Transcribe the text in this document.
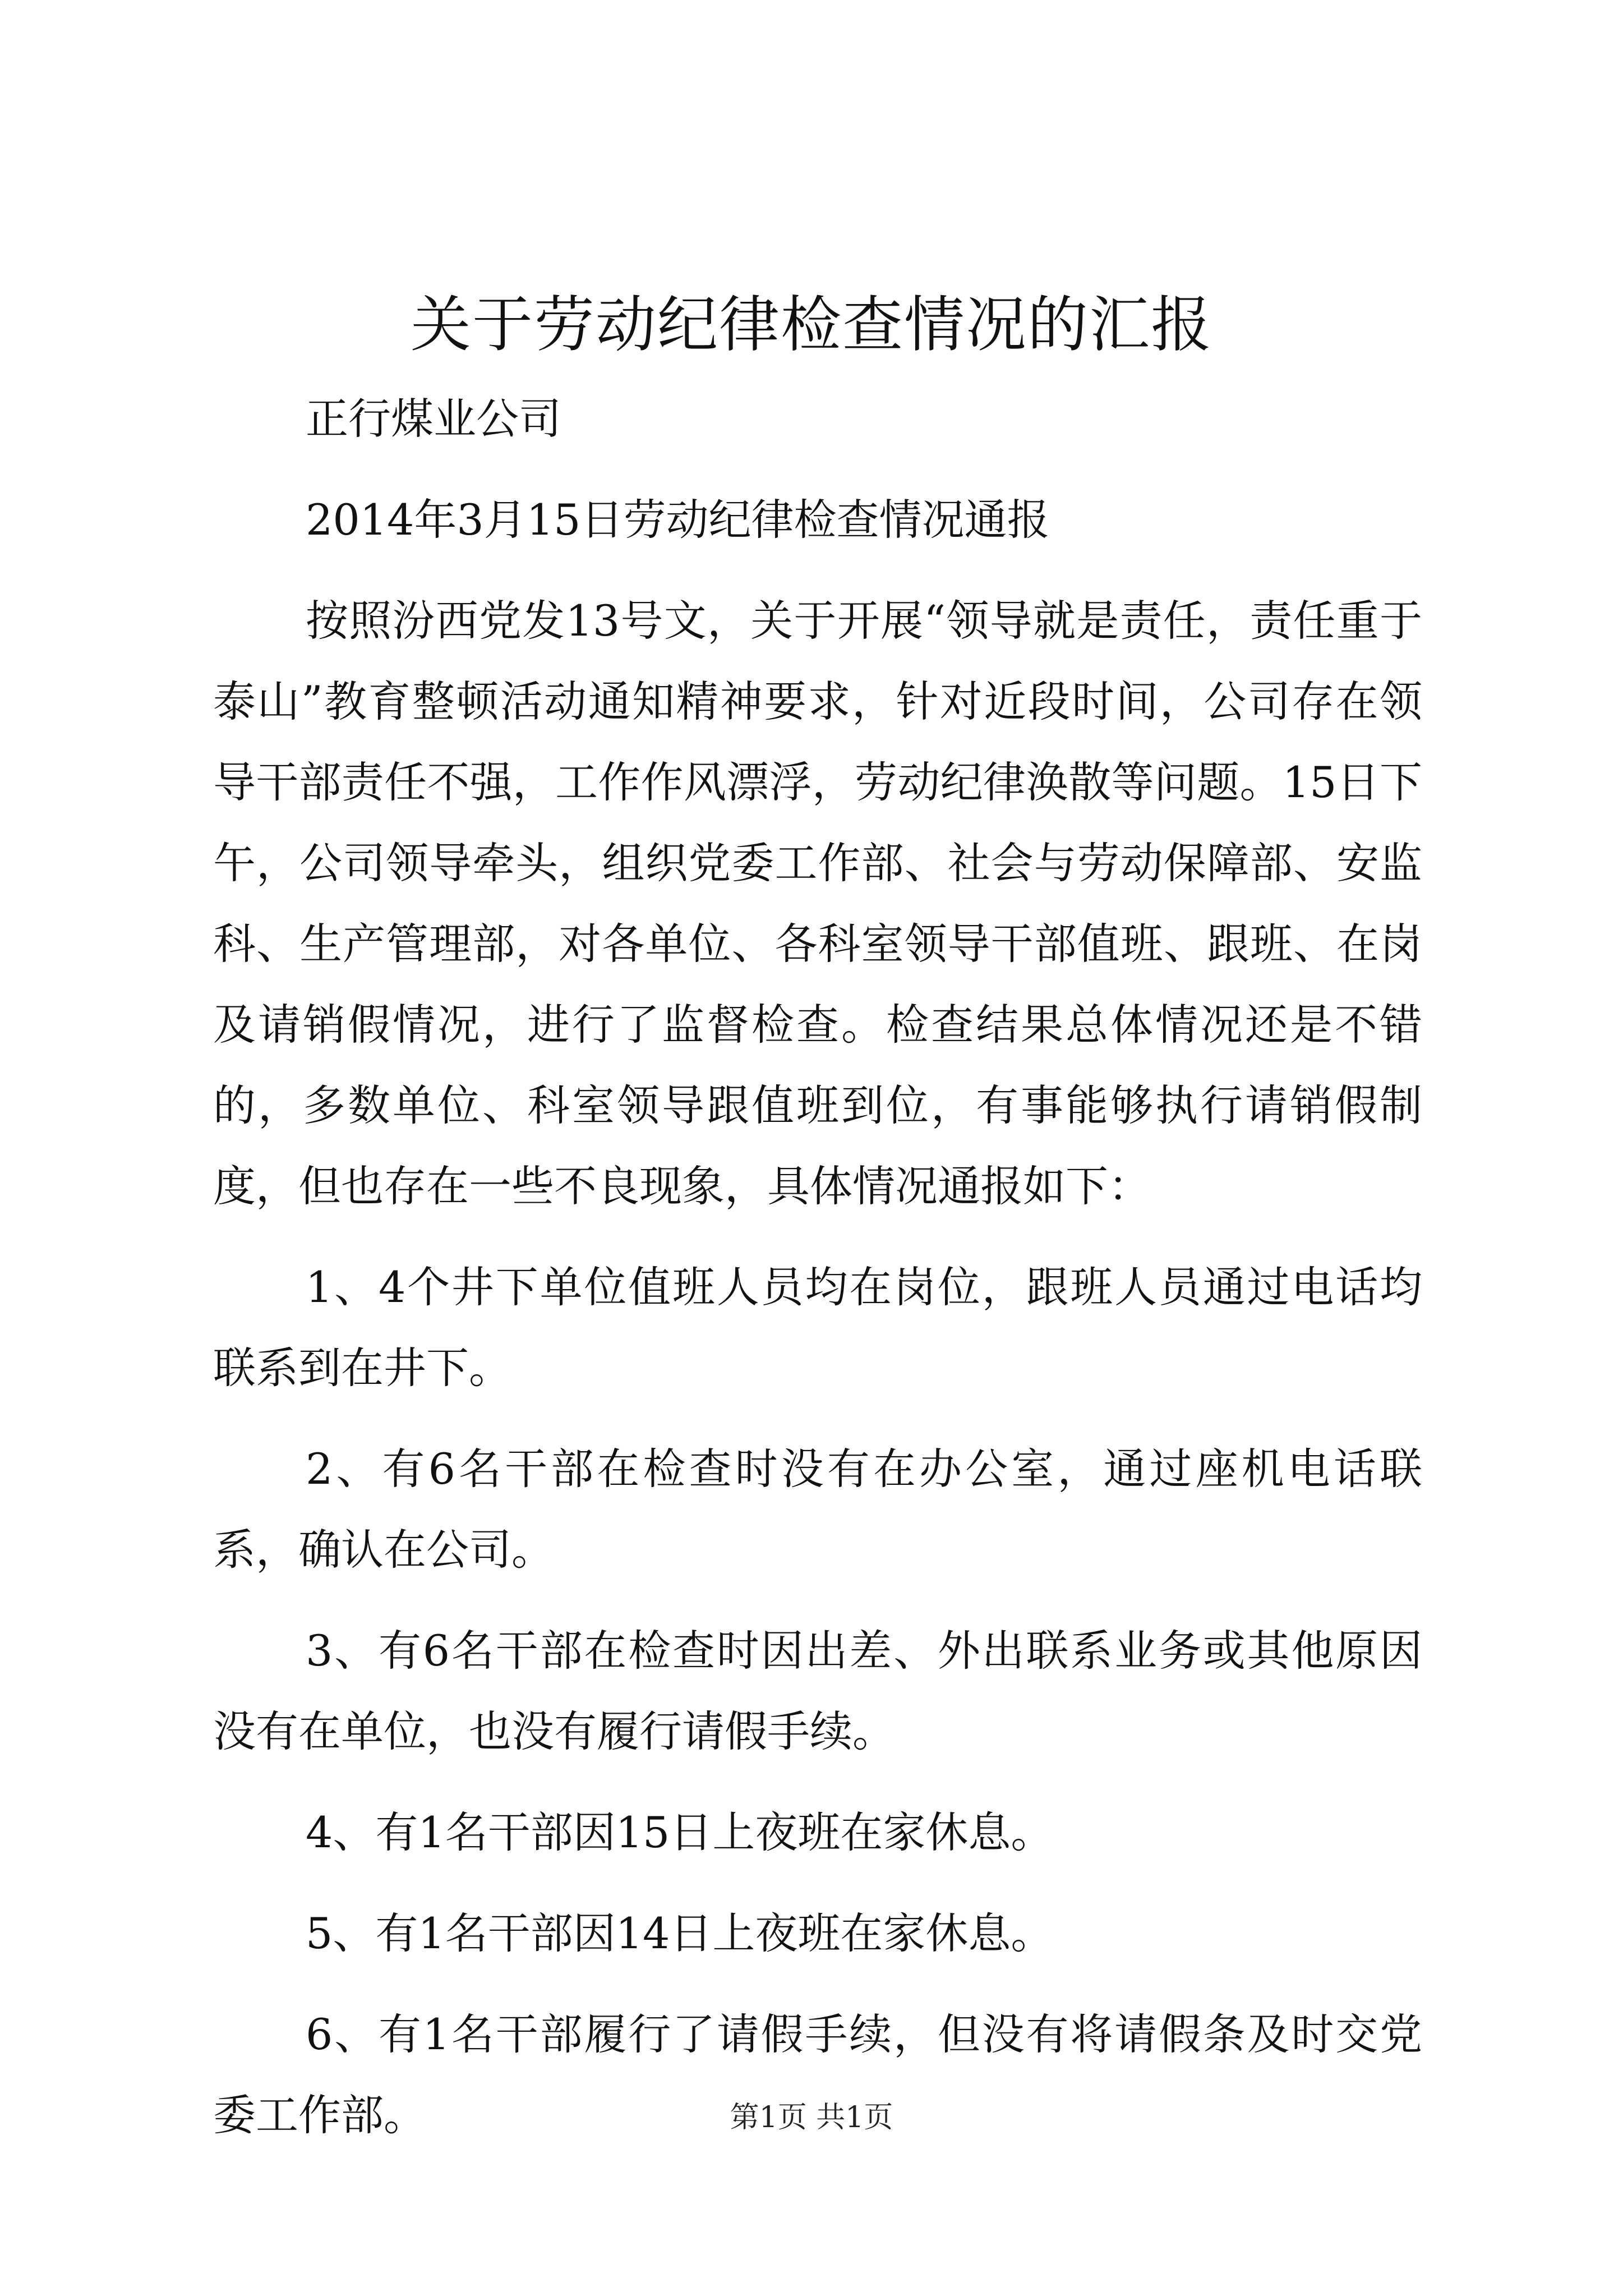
关于劳动纪律检查情况的汇报

正行煤业公司

2014年3月15日劳动纪律检查情况通报

按照汾西党发13号文，关于开展“领导就是责任，责任重于泰山”教育整顿活动通知精神要求，针对近段时间，公司存在领导干部责任不强，工作作风漂浮，劳动纪律涣散等问题。15日下午，公司领导牵头，组织党委工作部、社会与劳动保障部、安监科、生产管理部，对各单位、各科室领导干部值班、跟班、在岗及请销假情况，进行了监督检查。检查结果总体情况还是不错的，多数单位、科室领导跟值班到位，有事能够执行请销假制度，但也存在一些不良现象，具体情况通报如下：

1、4个井下单位值班人员均在岗位，跟班人员通过电话均联系到在井下。

2、有6名干部在检查时没有在办公室，通过座机电话联系，确认在公司。

3、有6名干部在检查时因出差、外出联系业务或其他原因没有在单位，也没有履行请假手续。

4、有1名干部因15日上夜班在家休息。

5、有1名干部因14日上夜班在家休息。

6、有1名干部履行了请假手续，但没有将请假条及时交党委工作部。	第1页 共1页
